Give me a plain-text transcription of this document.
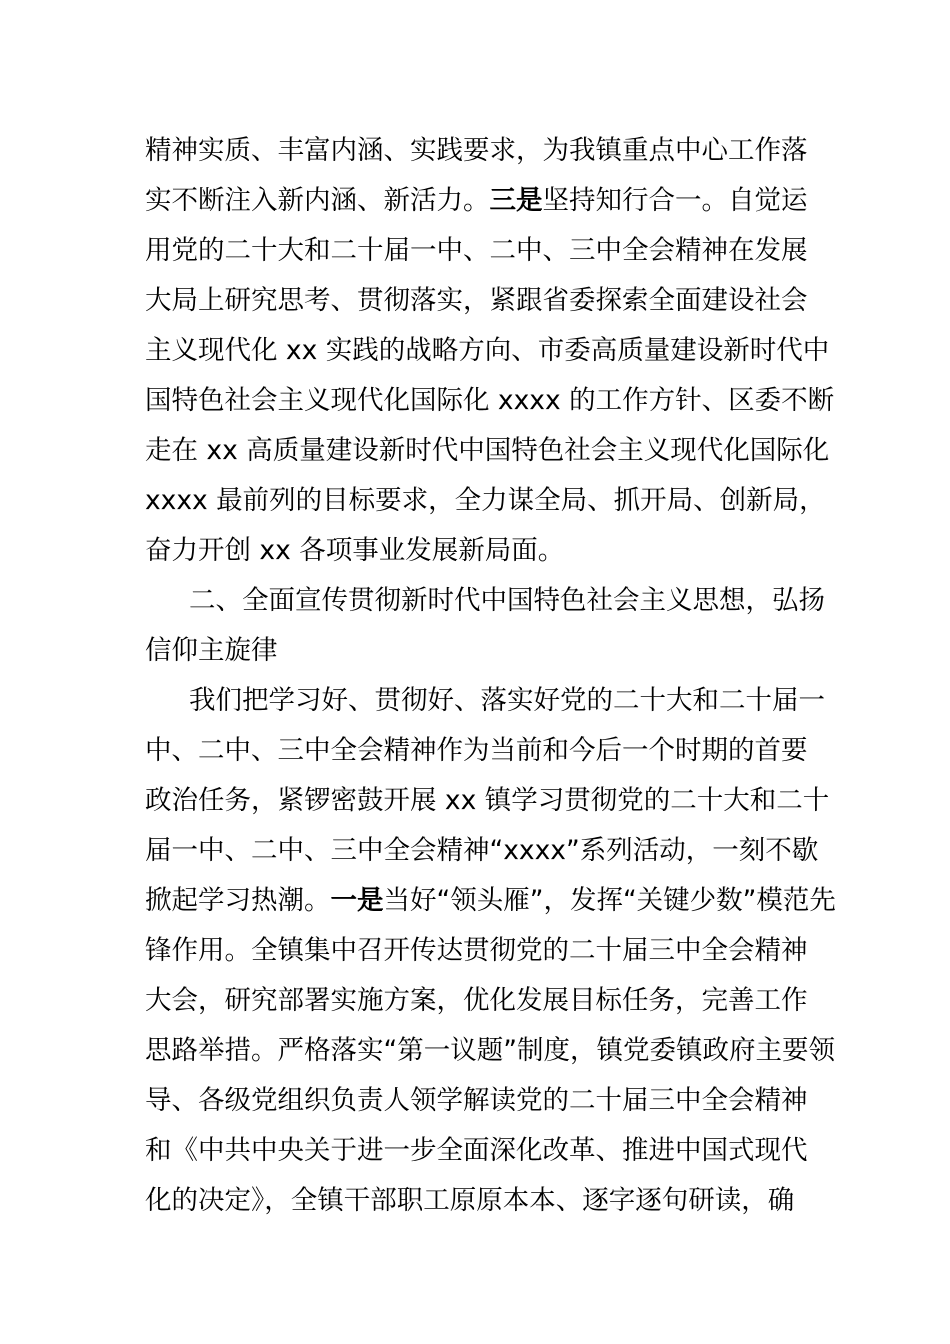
精神实质、丰富内涵、实践要求，为我镇重点中心工作落
实不断注入新内涵、新活力。三是坚持知行合一。自觉运
用党的二十大和二十届一中、二中、三中全会精神在发展
大局上研究思考、贯彻落实，紧跟省委探索全面建设社会
主义现代化 xx 实践的战略方向、市委高质量建设新时代中
国特色社会主义现代化国际化 xxxx 的工作方针、区委不断
走在 xx 高质量建设新时代中国特色社会主义现代化国际化
xxxx 最前列的目标要求，全力谋全局、抓开局、创新局，
奋力开创 xx 各项事业发展新局面。
二、全面宣传贯彻新时代中国特色社会主义思想，弘扬
信仰主旋律
我们把学习好、贯彻好、落实好党的二十大和二十届一
中、二中、三中全会精神作为当前和今后一个时期的首要
政治任务，紧锣密鼓开展 xx 镇学习贯彻党的二十大和二十
届一中、二中、三中全会精神“xxxx”系列活动，一刻不歇
掀起学习热潮。一是当好“领头雁”，发挥“关键少数”模范先
锋作用。全镇集中召开传达贯彻党的二十届三中全会精神
大会，研究部署实施方案，优化发展目标任务，完善工作
思路举措。严格落实“第一议题”制度，镇党委镇政府主要领
导、各级党组织负责人领学解读党的二十届三中全会精神
和《中共中央关于进一步全面深化改革、推进中国式现代
化的决定》，全镇干部职工原原本本、逐字逐句研读，确
